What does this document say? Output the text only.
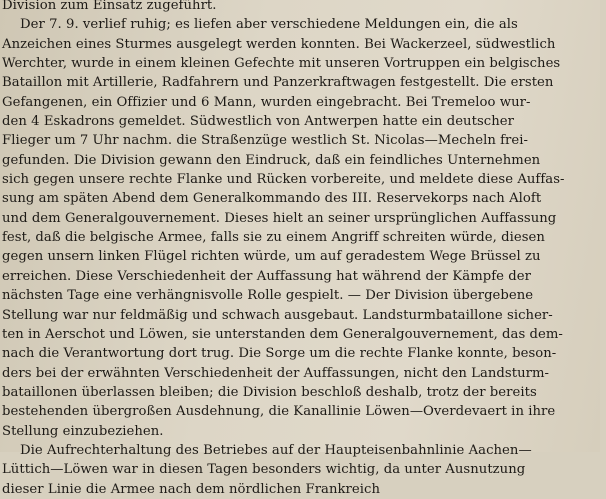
Division zum Einsatz zugeführt.
Der 7. 9. verlief ruhig; es liefen aber verschiedene Meldungen ein, die als
Anzeichen eines Sturmes ausgelegt werden konnten. Bei Wackerzeel, südwestlich
Werchter, wurde in einem kleinen Gefechte mit unseren Vortruppen ein belgisches
Bataillon mit Artillerie, Radfahrern und Panzerkraftwagen festgestellt. Die ersten
Gefangenen, ein Offizier und 6 Mann, wurden eingebracht. Bei Tremeloo wur-
den 4 Eskadrons gemeldet. Südwestlich von Antwerpen hatte ein deutscher
Flieger um 7 Uhr nachm. die Straßenzüge westlich St. Nicolas—Mecheln frei-
gefunden. Die Division gewann den Eindruck, daß ein feindliches Unternehmen
sich gegen unsere rechte Flanke und Rücken vorbereite, und meldete diese Auffas-
sung am späten Abend dem Generalkommando des III. Reservekorps nach Aloft
und dem Generalgouvernement. Dieses hielt an seiner ursprünglichen Auffassung
fest, daß die belgische Armee, falls sie zu einem Angriff schreiten würde, diesen
gegen unsern linken Flügel richten würde, um auf geradestem Wege Brüssel zu
erreichen. Diese Verschiedenheit der Auffassung hat während der Kämpfe der
nächsten Tage eine verhängnisvolle Rolle gespielt. — Der Division übergebene
Stellung war nur feldmäßig und schwach ausgebaut. Landsturmbataillone sicher-
ten in Aerschot und Löwen, sie unterstanden dem Generalgouvernement, das dem-
nach die Verantwortung dort trug. Die Sorge um die rechte Flanke konnte, beson-
ders bei der erwähnten Verschiedenheit der Auffassungen, nicht den Landsturm-
bataillonen überlassen bleiben; die Division beschloß deshalb, trotz der bereits
bestehenden übergroßen Ausdehnung, die Kanallinie Löwen—Overdevaert in ihre
Stellung einzubeziehen.
Die Aufrechterhaltung des Betriebes auf der Haupteisenbahnlinie Aachen—
Lüttich—Löwen war in diesen Tagen besonders wichtig, da unter Ausnutzung
dieser Linie die Armee nach dem nördlichen Frankreich
